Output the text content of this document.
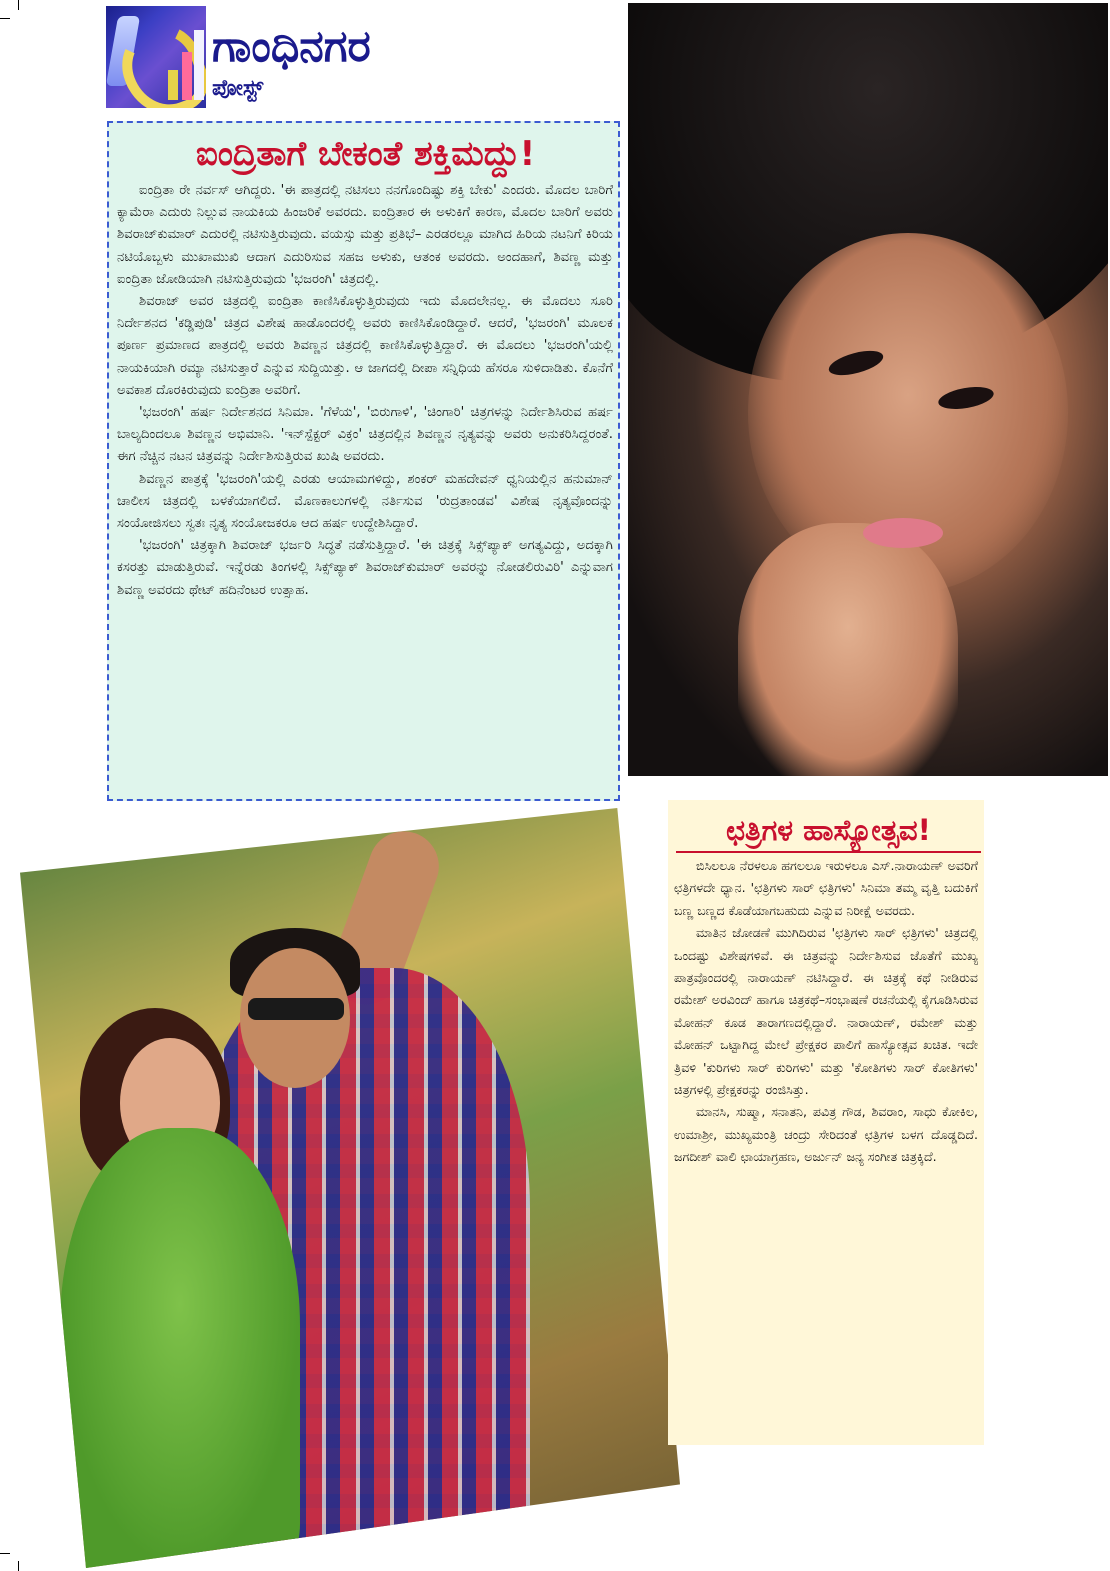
ಗಾಂಧಿನಗರ
ಪೋಸ್ಟ್
ಐಂದ್ರಿತಾಗೆ ಬೇಕಂತೆ ಶಕ್ತಿಮದ್ದು!

ಐಂದ್ರಿತಾ ರೇ ನರ್ವಸ್ ಆಗಿದ್ದರು. 'ಈ ಪಾತ್ರದಲ್ಲಿ ನಟಿಸಲು ನನಗೊಂದಿಷ್ಟು ಶಕ್ತಿ ಬೇಕು' ಎಂದರು. ಮೊದಲ ಬಾರಿಗೆ ಕ್ಯಾಮೆರಾ ಎದುರು ನಿಲ್ಲುವ ನಾಯಕಿಯ ಹಿಂಜರಿಕೆ ಅವರದು. ಐಂದ್ರಿತಾರ ಈ ಅಳುಕಿಗೆ ಕಾರಣ, ಮೊದಲ ಬಾರಿಗೆ ಅವರು ಶಿವರಾಜ್‌ಕುಮಾರ್ ಎದುರಲ್ಲಿ ನಟಿಸುತ್ತಿರುವುದು. ವಯಸ್ಸು ಮತ್ತು ಪ್ರತಿಭೆ– ಎರಡರಲ್ಲೂ ಮಾಗಿದ ಹಿರಿಯ ನಟನಿಗೆ ಕಿರಿಯ ನಟಿಯೊಬ್ಬಳು ಮುಖಾಮುಖಿ ಆದಾಗ ಎದುರಿಸುವ ಸಹಜ ಅಳುಕು, ಆತಂಕ ಅವರದು. ಅಂದಹಾಗೆ, ಶಿವಣ್ಣ ಮತ್ತು ಐಂದ್ರಿತಾ ಜೋಡಿಯಾಗಿ ನಟಿಸುತ್ತಿರುವುದು 'ಭಜರಂಗಿ' ಚಿತ್ರದಲ್ಲಿ.

ಶಿವರಾಜ್ ಅವರ ಚಿತ್ರದಲ್ಲಿ ಐಂದ್ರಿತಾ ಕಾಣಿಸಿಕೊಳ್ಳುತ್ತಿರುವುದು ಇದು ಮೊದಲೇನಲ್ಲ. ಈ ಮೊದಲು ಸೂರಿ ನಿರ್ದೇಶನದ 'ಕಡ್ಡಿಪುಡಿ' ಚಿತ್ರದ ವಿಶೇಷ ಹಾಡೊಂದರಲ್ಲಿ ಅವರು ಕಾಣಿಸಿಕೊಂಡಿದ್ದಾರೆ. ಆದರೆ, 'ಭಜರಂಗಿ' ಮೂಲಕ ಪೂರ್ಣ ಪ್ರಮಾಣದ ಪಾತ್ರದಲ್ಲಿ ಅವರು ಶಿವಣ್ಣನ ಚಿತ್ರದಲ್ಲಿ ಕಾಣಿಸಿಕೊಳ್ಳುತ್ತಿದ್ದಾರೆ. ಈ ಮೊದಲು 'ಭಜರಂಗಿ'ಯಲ್ಲಿ ನಾಯಕಿಯಾಗಿ ರಮ್ಯಾ ನಟಿಸುತ್ತಾರೆ ಎನ್ನುವ ಸುದ್ದಿಯಿತ್ತು. ಆ ಜಾಗದಲ್ಲಿ ದೀಪಾ ಸನ್ನಿಧಿಯ ಹೆಸರೂ ಸುಳಿದಾಡಿತು. ಕೊನೆಗೆ ಅವಕಾಶ ದೊರಕಿರುವುದು ಐಂದ್ರಿತಾ ಅವರಿಗೆ.

'ಭಜರಂಗಿ' ಹರ್ಷ ನಿರ್ದೇಶನದ ಸಿನಿಮಾ. 'ಗೆಳೆಯ', 'ಬಿರುಗಾಳಿ', 'ಚಿಂಗಾರಿ' ಚಿತ್ರಗಳನ್ನು ನಿರ್ದೇಶಿಸಿರುವ ಹರ್ಷ ಬಾಲ್ಯದಿಂದಲೂ ಶಿವಣ್ಣನ ಅಭಿಮಾನಿ. 'ಇನ್‌ಸ್ಪೆಕ್ಟರ್ ವಿಕ್ರಂ' ಚಿತ್ರದಲ್ಲಿನ ಶಿವಣ್ಣನ ನೃತ್ಯವನ್ನು ಅವರು ಅನುಕರಿಸಿದ್ದರಂತೆ. ಈಗ ನೆಚ್ಚಿನ ನಟನ ಚಿತ್ರವನ್ನು ನಿರ್ದೇಶಿಸುತ್ತಿರುವ ಖುಷಿ ಅವರದು.

ಶಿವಣ್ಣನ ಪಾತ್ರಕ್ಕೆ 'ಭಜರಂಗಿ'ಯಲ್ಲಿ ಎರಡು ಆಯಾಮಗಳಿದ್ದು, ಶಂಕರ್ ಮಹದೇವನ್ ಧ್ವನಿಯಲ್ಲಿನ ಹನುಮಾನ್ ಚಾಲೀಸ ಚಿತ್ರದಲ್ಲಿ ಬಳಕೆಯಾಗಲಿದೆ. ಮೊಣಕಾಲುಗಳಲ್ಲಿ ನರ್ತಿಸುವ 'ರುದ್ರತಾಂಡವ' ವಿಶೇಷ ನೃತ್ಯವೊಂದನ್ನು ಸಂಯೋಜಿಸಲು ಸ್ವತಃ ನೃತ್ಯ ಸಂಯೋಜಕರೂ ಆದ ಹರ್ಷ ಉದ್ದೇಶಿಸಿದ್ದಾರೆ.

'ಭಜರಂಗಿ' ಚಿತ್ರಕ್ಕಾಗಿ ಶಿವರಾಜ್ ಭರ್ಜರಿ ಸಿದ್ಧತೆ ನಡೆಸುತ್ತಿದ್ದಾರೆ. 'ಈ ಚಿತ್ರಕ್ಕೆ ಸಿಕ್ಸ್‌ಪ್ಯಾಕ್ ಅಗತ್ಯವಿದ್ದು, ಅದಕ್ಕಾಗಿ ಕಸರತ್ತು ಮಾಡುತ್ತಿರುವೆ. ಇನ್ನೆರಡು ತಿಂಗಳಲ್ಲಿ ಸಿಕ್ಸ್‌ಪ್ಯಾಕ್ ಶಿವರಾಜ್‌ಕುಮಾರ್ ಅವರನ್ನು ನೋಡಲಿರುವಿರಿ' ಎನ್ನುವಾಗ ಶಿವಣ್ಣ ಅವರದು ಥೇಟ್ ಹದಿನೆಂಟರ ಉತ್ಸಾಹ.

ಛತ್ರಿಗಳ ಹಾಸ್ಯೋತ್ಸವ!

ಬಿಸಿಲಲೂ ನೆರಳಲೂ ಹಗಲಲೂ ಇರುಳಲೂ ಎಸ್.ನಾರಾಯಣ್ ಅವರಿಗೆ ಛತ್ರಿಗಳದೇ ಧ್ಯಾನ. 'ಛತ್ರಿಗಳು ಸಾರ್ ಛತ್ರಿಗಳು' ಸಿನಿಮಾ ತಮ್ಮ ವೃತ್ತಿ ಬದುಕಿಗೆ ಬಣ್ಣ ಬಣ್ಣದ ಕೊಡೆಯಾಗಬಹುದು ಎನ್ನುವ ನಿರೀಕ್ಷೆ ಅವರದು.

ಮಾತಿನ ಜೋಡಣೆ ಮುಗಿದಿರುವ 'ಛತ್ರಿಗಳು ಸಾರ್ ಛತ್ರಿಗಳು' ಚಿತ್ರದಲ್ಲಿ ಒಂದಷ್ಟು ವಿಶೇಷಗಳಿವೆ. ಈ ಚಿತ್ರವನ್ನು ನಿರ್ದೇಶಿಸುವ ಜೊತೆಗೆ ಮುಖ್ಯ ಪಾತ್ರವೊಂದರಲ್ಲಿ ನಾರಾಯಣ್ ನಟಿಸಿದ್ದಾರೆ. ಈ ಚಿತ್ರಕ್ಕೆ ಕಥೆ ನೀಡಿರುವ ರಮೇಶ್ ಅರವಿಂದ್ ಹಾಗೂ ಚಿತ್ರಕಥೆ–ಸಂಭಾಷಣೆ ರಚನೆಯಲ್ಲಿ ಕೈಗೂಡಿಸಿರುವ ಮೋಹನ್ ಕೂಡ ತಾರಾಗಣದಲ್ಲಿದ್ದಾರೆ. ನಾರಾಯಣ್, ರಮೇಶ್ ಮತ್ತು ಮೋಹನ್ ಒಟ್ಟಾಗಿದ್ದ ಮೇಲೆ ಪ್ರೇಕ್ಷಕರ ಪಾಲಿಗೆ ಹಾಸ್ಯೋತ್ಸವ ಖಚಿತ. ಇದೇ ತ್ರಿವಳಿ 'ಕುರಿಗಳು ಸಾರ್ ಕುರಿಗಳು' ಮತ್ತು 'ಕೋತಿಗಳು ಸಾರ್ ಕೋತಿಗಳು' ಚಿತ್ರಗಳಲ್ಲಿ ಪ್ರೇಕ್ಷಕರನ್ನು ರಂಜಿಸಿತ್ತು.

ಮಾನಸಿ, ಸುಷ್ಮಾ, ಸನಾತನಿ, ಪವಿತ್ರ ಗೌಡ, ಶಿವರಾಂ, ಸಾಧು ಕೋಕಿಲ, ಉಮಾಶ್ರೀ, ಮುಖ್ಯಮಂತ್ರಿ ಚಂದ್ರು ಸೇರಿದಂತೆ ಛತ್ರಿಗಳ ಬಳಗ ದೊಡ್ಡದಿದೆ. ಜಗದೀಶ್ ವಾಲಿ ಛಾಯಾಗ್ರಹಣ, ಅರ್ಜುನ್ ಜನ್ಯ ಸಂಗೀತ ಚಿತ್ರಕ್ಕಿದೆ.
